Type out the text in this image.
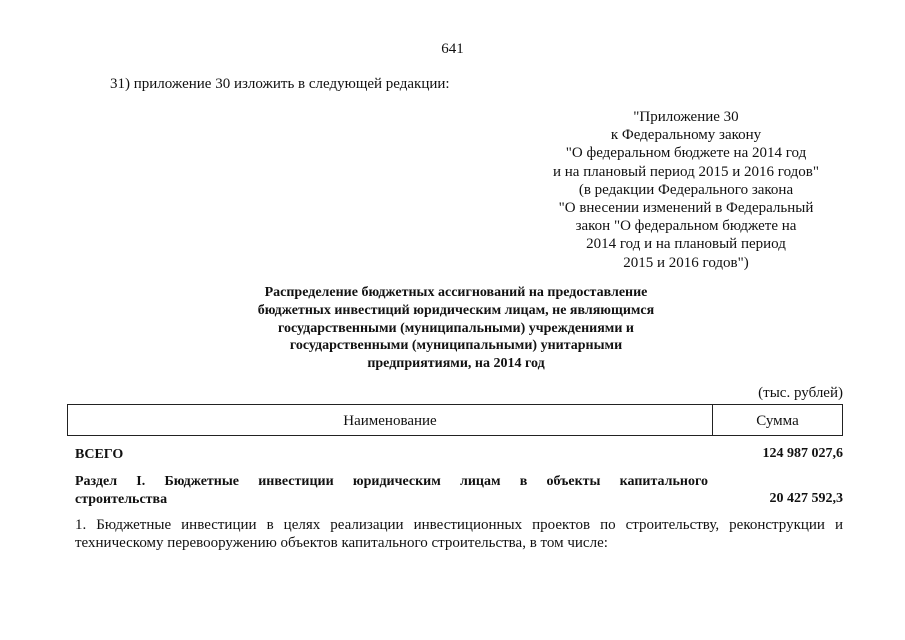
641
31) приложение 30 изложить в следующей редакции:
"Приложение 30
к Федеральному закону
"О федеральном бюджете на 2014 год
и на плановый период 2015 и 2016 годов"
(в редакции Федерального закона
"О внесении изменений в Федеральный
закон "О федеральном бюджете на
2014 год и на плановый период
2015 и 2016 годов")
Распределение бюджетных ассигнований на предоставление
бюджетных инвестиций юридическим лицам, не являющимся
государственными (муниципальными) учреждениями и
государственными (муниципальными) унитарными
предприятиями, на 2014 год
(тыс. рублей)
Наименование	Сумма
ВСЕГО	124 987 027,6
Раздел I. Бюджетные инвестиции юридическим лицам в объекты капитального строительства	20 427 592,3
1. Бюджетные инвестиции в целях реализации инвестиционных проектов по строительству, реконструкции и техническому перевооружению объектов капитального строительства, в том числе:
